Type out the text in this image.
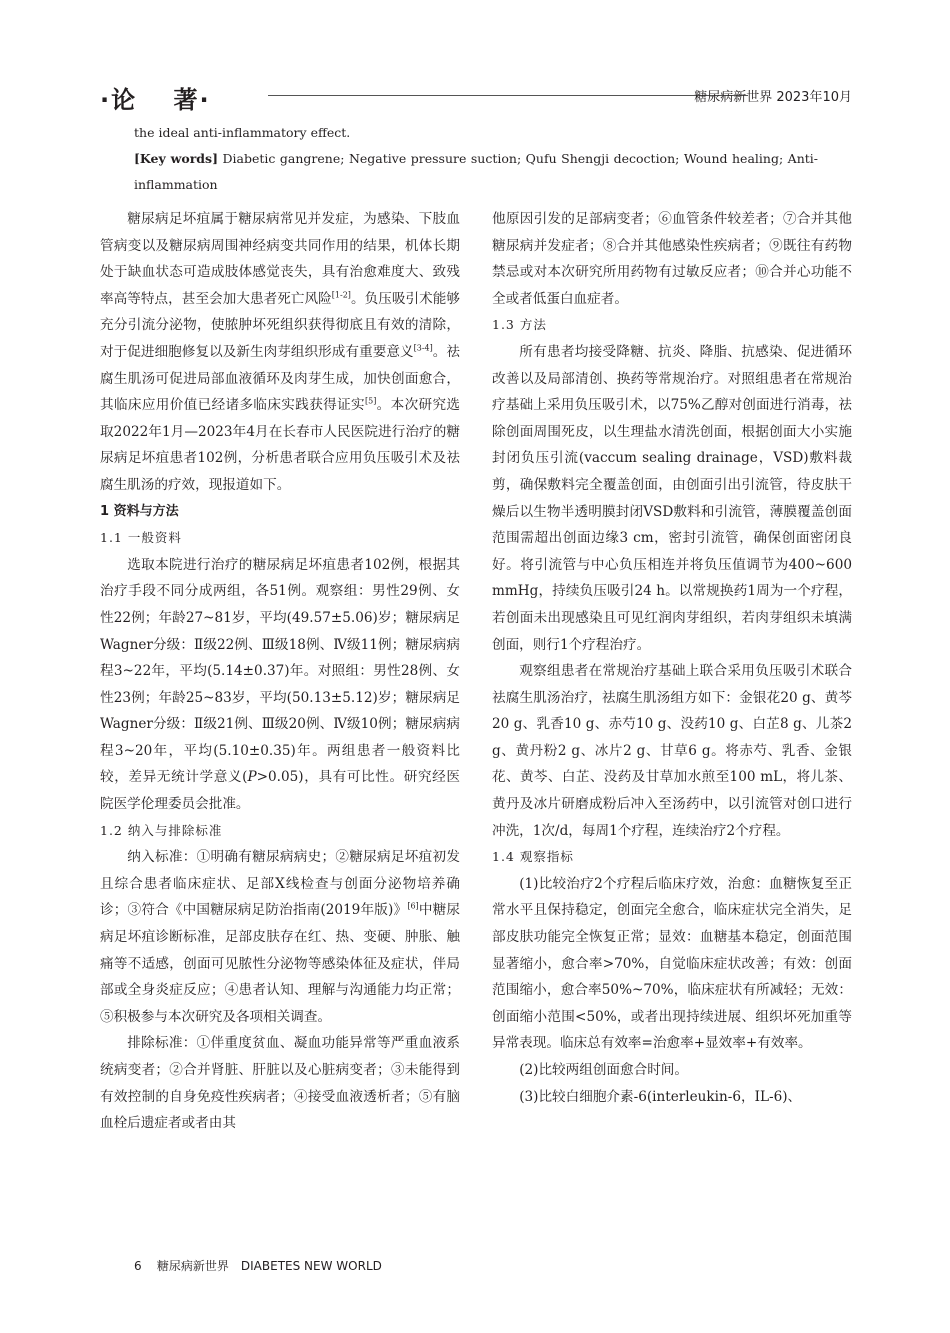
·论　 著·	糖尿病新世界 2023年10月
the ideal anti-inflammatory effect.
[Key words] Diabetic gangrene; Negative pressure suction; Qufu Shengji decoction; Wound healing; Anti-inflammation

糖尿病足坏疽属于糖尿病常见并发症，为感染、下肢血管病变以及糖尿病周围神经病变共同作用的结果，机体长期处于缺血状态可造成肢体感觉丧失，具有治愈难度大、致残率高等特点，甚至会加大患者死亡风险[1-2]。负压吸引术能够充分引流分泌物，使脓肿坏死组织获得彻底且有效的清除，对于促进细胞修复以及新生肉芽组织形成有重要意义[3-4]。祛腐生肌汤可促进局部血液循环及肉芽生成，加快创面愈合，其临床应用价值已经诸多临床实践获得证实[5]。本次研究选取2022年1月—2023年4月在长春市人民医院进行治疗的糖尿病足坏疽患者102例，分析患者联合应用负压吸引术及祛腐生肌汤的疗效，现报道如下。

1 资料与方法

1.1 一般资料

选取本院进行治疗的糖尿病足坏疽患者102例，根据其治疗手段不同分成两组，各51例。观察组：男性29例、女性22例；年龄27~81岁，平均(49.57±5.06)岁；糖尿病足Wagner分级：Ⅱ级22例、Ⅲ级18例、Ⅳ级11例；糖尿病病程3~22年，平均(5.14±0.37)年。对照组：男性28例、女性23例；年龄25~83岁，平均(50.13±5.12)岁；糖尿病足Wagner分级：Ⅱ级21例、Ⅲ级20例、Ⅳ级10例；糖尿病病程3~20年，平均(5.10±0.35)年。两组患者一般资料比较，差异无统计学意义(P>0.05)，具有可比性。研究经医院医学伦理委员会批准。

1.2 纳入与排除标准

纳入标准：①明确有糖尿病病史；②糖尿病足坏疽初发且综合患者临床症状、足部X线检查与创面分泌物培养确诊；③符合《中国糖尿病足防治指南(2019年版)》[6]中糖尿病足坏疽诊断标准，足部皮肤存在红、热、变硬、肿胀、触痛等不适感，创面可见脓性分泌物等感染体征及症状，伴局部或全身炎症反应；④患者认知、理解与沟通能力均正常；⑤积极参与本次研究及各项相关调查。

排除标准：①伴重度贫血、凝血功能异常等严重血液系统病变者；②合并肾脏、肝脏以及心脏病变者；③未能得到有效控制的自身免疫性疾病者；④接受血液透析者；⑤有脑血栓后遗症者或者由其

他原因引发的足部病变者；⑥血管条件较差者；⑦合并其他糖尿病并发症者；⑧合并其他感染性疾病者；⑨既往有药物禁忌或对本次研究所用药物有过敏反应者；⑩合并心功能不全或者低蛋白血症者。

1.3 方法

所有患者均接受降糖、抗炎、降脂、抗感染、促进循环改善以及局部清创、换药等常规治疗。对照组患者在常规治疗基础上采用负压吸引术，以75%乙醇对创面进行消毒，祛除创面周围死皮，以生理盐水清洗创面，根据创面大小实施封闭负压引流(vaccum sealing drainage，VSD)敷料裁剪，确保敷料完全覆盖创面，由创面引出引流管，待皮肤干燥后以生物半透明膜封闭VSD敷料和引流管，薄膜覆盖创面范围需超出创面边缘3 cm，密封引流管，确保创面密闭良好。将引流管与中心负压相连并将负压值调节为400~600 mmHg，持续负压吸引24 h。以常规换药1周为一个疗程，若创面未出现感染且可见红润肉芽组织，若肉芽组织未填满创面，则行1个疗程治疗。

观察组患者在常规治疗基础上联合采用负压吸引术联合祛腐生肌汤治疗，祛腐生肌汤组方如下：金银花20 g、黄芩20 g、乳香10 g、赤芍10 g、没药10 g、白芷8 g、儿茶2 g、黄丹粉2 g、冰片2 g、甘草6 g。将赤芍、乳香、金银花、黄芩、白芷、没药及甘草加水煎至100 mL，将儿茶、黄丹及冰片研磨成粉后冲入至汤药中，以引流管对创口进行冲洗，1次/d，每周1个疗程，连续治疗2个疗程。

1.4 观察指标

(1)比较治疗2个疗程后临床疗效，治愈：血糖恢复至正常水平且保持稳定，创面完全愈合，临床症状完全消失，足部皮肤功能完全恢复正常；显效：血糖基本稳定，创面范围显著缩小，愈合率>70%，自觉临床症状改善；有效：创面范围缩小，愈合率50%~70%，临床症状有所减轻；无效：创面缩小范围<50%，或者出现持续进展、组织坏死加重等异常表现。临床总有效率=治愈率+显效率+有效率。

(2)比较两组创面愈合时间。

(3)比较白细胞介素-6(interleukin-6，IL-6)、

6 糖尿病新世界　DIABETES NEW WORLD
